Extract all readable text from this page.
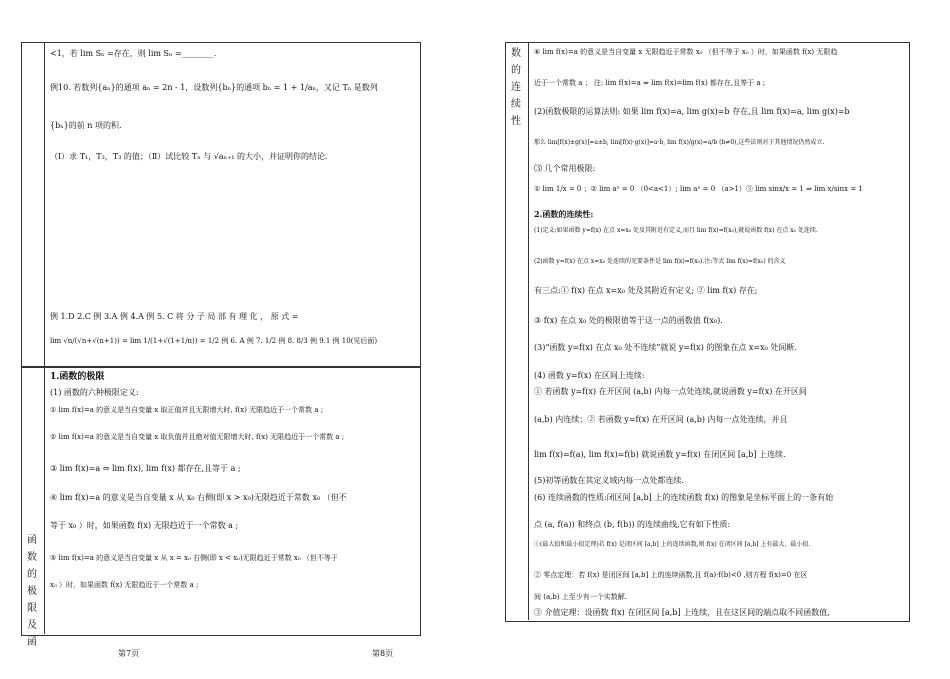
<1，若 lim Sₙ =存在，则 lim Sₙ =________.
例10. 若数列{aₙ}的通项 aₙ = 2n - 1，设数列{bₙ}的通项 bₙ = 1 + 1/aₙ，又记 Tₙ 是数列
{bₙ}的前 n 项的积.
（Ⅰ）求 T₁，T₂，T₃ 的值；（Ⅱ）试比较 Tₙ 与 √aₙ₊₁ 的大小，并证明你的结论.
例 1.D 2.C 例 3.A 例 4.A 例 5. C 将 分 子 局 部 有 理 化 ， 原 式 =
lim √n/(√n+√(n+1)) = lim 1/(1+√(1+1/n)) = 1/2 例 6. A 例 7. 1/2 例 8. 8/3 例 9.1 例 10(见后面)
函数的极限及函
1.函数的极限
(1) 函数的六种极限定义:
① lim f(x)=a 的意义是当自变量 x 取正值并且无限增大时, f(x) 无限趋近于一个常数 a ;
② lim f(x)=a 的意义是当自变量 x 取负值并且绝对值无限增大时, f(x) 无限趋近于一个常数 a ;
③ lim f(x)=a ⇔ lim f(x), lim f(x) 都存在,且等于 a ;
④ lim f(x)=a 的意义是当自变量 x 从 x₀ 右侧(即 x > x₀)无限趋近于常数 x₀ （但不
等于 x₀ ）时，如果函数 f(x) 无限趋近于一个常数 a ;
⑤ lim f(x)=a 的意义是当自变量 x 从 x = x₀ 右侧(即 x < x₀)无限趋近于常数 x₀ （但不等于
x₀ ）时，如果函数 f(x) 无限趋近于一个常数 a ;
第7页
数的连续性
⑥ lim f(x)=a 的意义是当自变量 x 无限趋近于常数 x₀ （但不等于 x₀ ）时，如果函数 f(x) 无限趋
近于一个常数 a ； 注: lim f(x)=a ⇔ lim f(x)=lim f(x) 都存在,且等于 a ;
(2)函数极限的运算法则: 如果 lim f(x)=a, lim g(x)=b 存在,且 lim f(x)=a, lim g(x)=b
那么 lim[f(x)±g(x)]=a±b, lim[f(x)·g(x)]=a·b, lim f(x)/g(x)=a/b (b≠0),这些法则对于其他情况仍然成立.
⑶ 几个常用极限:
① lim 1/x = 0 ；② lim aˣ = 0 （0<a<1）; lim aˣ = 0 （a>1）③ lim sinx/x = 1 ⇒ lim x/sinx = 1
2.函数的连续性:
(1)定义:如果函数 y=f(x) 在点 x=x₀ 处及其附近有定义,而且 lim f(x)=f(x₀),就说函数 f(x) 在点 x₀ 处连续.
(2)函数 y=f(x) 在点 x=x₀ 处连续的充要条件是 lim f(x)=f(x₀).注:等式 lim f(x)=f(x₀) 的含义
有三点:① f(x) 在点 x=x₀ 处及其附近有定义; ② lim f(x) 存在;
③ f(x) 在点 x₀ 处的极限值等于这一点的函数值 f(x₀).
(3)“函数 y=f(x) 在点 x₀ 处不连续”就说 y=f(x) 的图象在点 x=x₀ 处间断.
(4) 函数 y=f(x) 在区间上连续:
① 若函数 y=f(x) 在开区间 (a,b) 内每一点处连续,就说函数 y=f(x) 在开区间
(a,b) 内连续；② 若函数 y=f(x) 在开区间 (a,b) 内每一点处连续，并且
lim f(x)=f(a), lim f(x)=f(b) 就说函数 y=f(x) 在闭区间 [a,b] 上连续.
(5)初等函数在其定义域内每一点处都连续.
(6) 连续函数的性质:闭区间 [a,b] 上的连续函数 f(x) 的图象是坐标平面上的一条有始
点 (a, f(a)) 和终点 (b, f(b)) 的连续曲线,它有如下性质:
①(最大值和最小值定理)若 f(x) 是闭区间 [a,b] 上的连续函数,则 f(x) 在闭区间 [a,b] 上有最大、最小值.
② 零点定理：若 f(x) 是闭区间 [a,b] 上的连续函数,且 f(a)·f(b)<0 ,则方程 f(x)=0 在区
间 (a,b) 上至少有一个实数解.
③ 介值定理：设函数 f(x) 在闭区间 [a,b] 上连续，且在这区间的端点取不同函数值,
第8页
